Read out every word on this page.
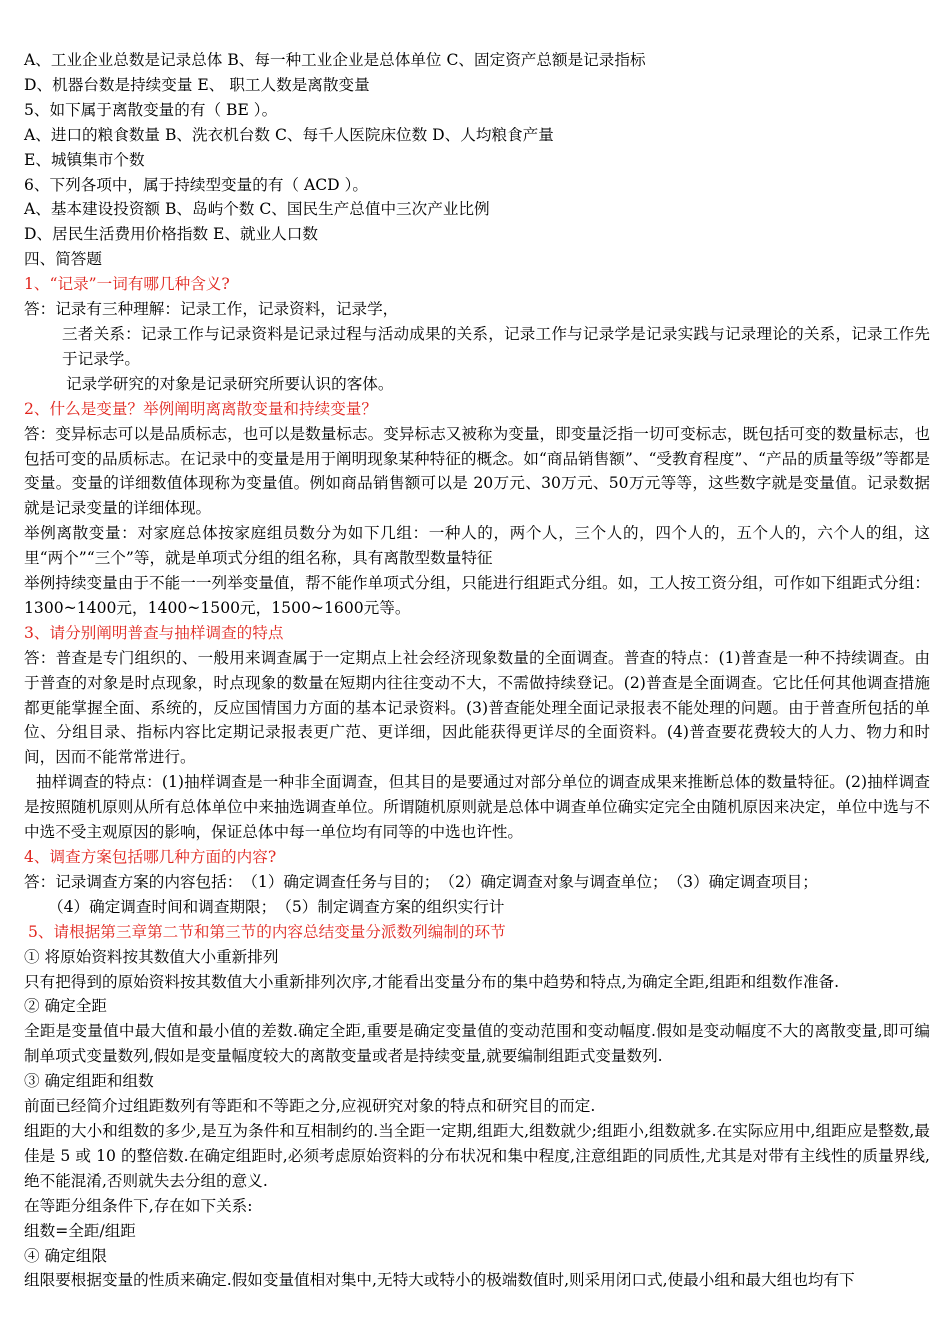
A、工业企业总数是记录总体 B、每一种工业企业是总体单位 C、固定资产总额是记录指标
D、机器台数是持续变量 E、 职工人数是离散变量
5、如下属于离散变量的有（ BE ）。
A、进口的粮食数量 B、洗衣机台数 C、每千人医院床位数 D、人均粮食产量
E、城镇集市个数
6、下列各项中，属于持续型变量的有（ ACD ）。
A、基本建设投资额 B、岛屿个数 C、国民生产总值中三次产业比例
D、居民生活费用价格指数 E、就业人口数
四、简答题
1、“记录”一词有哪几种含义?
答：记录有三种理解：记录工作，记录资料，记录学，

三者关系：记录工作与记录资料是记录过程与活动成果的关系，记录工作与记录学是记录实践与记录理论的关系，记录工作先于记录学。

记录学研究的对象是记录研究所要认识的客体。
2、什么是变量？举例阐明离离散变量和持续变量？

答：变异标志可以是品质标志，也可以是数量标志。变异标志又被称为变量，即变量泛指一切可变标志，既包括可变的数量标志，也包括可变的品质标志。在记录中的变量是用于阐明现象某种特征的概念。如“商品销售额”、“受教育程度”、“产品的质量等级”等都是变量。变量的详细数值体现称为变量值。例如商品销售额可以是 20万元、30万元、50万元等等，这些数字就是变量值。记录数据就是记录变量的详细体现。

举例离散变量：对家庭总体按家庭组员数分为如下几组：一种人的，两个人，三个人的，四个人的，五个人的，六个人的组，这里“两个”“三个”等，就是单项式分组的组名称，具有离散型数量特征

举例持续变量由于不能一一列举变量值，帮不能作单项式分组，只能进行组距式分组。如，工人按工资分组，可作如下组距式分组：1300~1400元，1400~1500元，1500~1600元等。

3、请分别阐明普查与抽样调查的特点

答：普查是专门组织的、一般用来调查属于一定期点上社会经济现象数量的全面调查。普查的特点：(1)普查是一种不持续调查。由于普查的对象是时点现象，时点现象的数量在短期内往往变动不大，不需做持续登记。(2)普查是全面调查。它比任何其他调查措施都更能掌握全面、系统的，反应国情国力方面的基本记录资料。(3)普查能处理全面记录报表不能处理的问题。由于普查所包括的单位、分组目录、指标内容比定期记录报表更广范、更详细，因此能获得更详尽的全面资料。(4)普查要花费较大的人力、物力和时间，因而不能常常进行。

抽样调查的特点：(1)抽样调查是一种非全面调查，但其目的是要通过对部分单位的调查成果来推断总体的数量特征。(2)抽样调查是按照随机原则从所有总体单位中来抽选调查单位。所谓随机原则就是总体中调查单位确实定完全由随机原因来决定，单位中选与不中选不受主观原因的影响，保证总体中每一单位均有同等的中选也许性。

4、调查方案包括哪几种方面的内容?
答：记录调查方案的内容包括：　（1）确定调查任务与目的；　（2）确定调查对象与调查单位；　（3）确定调查项目；
（4）确定调查时间和调查期限；　（5）制定调查方案的组织实行计
5、请根据第三章第二节和第三节的内容总结变量分派数列编制的环节
① 将原始资料按其数值大小重新排列

只有把得到的原始资料按其数值大小重新排列次序,才能看出变量分布的集中趋势和特点,为确定全距,组距和组数作准备.

② 确定全距

全距是变量值中最大值和最小值的差数.确定全距,重要是确定变量值的变动范围和变动幅度.假如是变动幅度不大的离散变量,即可编制单项式变量数列,假如是变量幅度较大的离散变量或者是持续变量,就要编制组距式变量数列.

③ 确定组距和组数

前面已经简介过组距数列有等距和不等距之分,应视研究对象的特点和研究目的而定.

组距的大小和组数的多少,是互为条件和互相制约的.当全距一定期,组距大,组数就少;组距小,组数就多.在实际应用中,组距应是整数,最佳是 5 或 10 的整倍数.在确定组距时,必须考虑原始资料的分布状况和集中程度,注意组距的同质性,尤其是对带有主线性的质量界线,绝不能混淆,否则就失去分组的意义.

在等距分组条件下,存在如下关系:
组数=全距/组距
④ 确定组限
组限要根据变量的性质来确定.假如变量值相对集中,无特大或特小的极端数值时,则采用闭口式,使最小组和最大组也均有下
